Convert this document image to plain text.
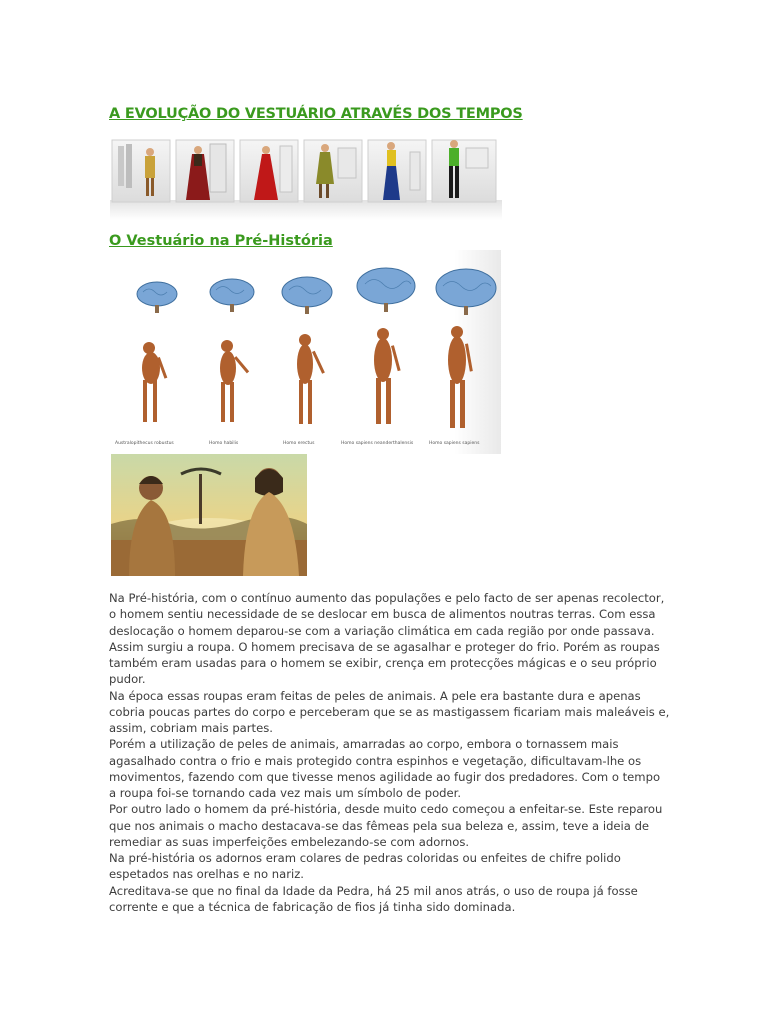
A EVOLUÇÃO DO VESTUÁRIO ATRAVÉS DOS TEMPOS
O Vestuário na Pré-História
Australopithecus robustus	Homo habilis	Homo erectus	Homo sapiens neanderthalensis	Homo sapiens sapiens

Na Pré-história, com o contínuo aumento das populações e pelo facto de ser apenas recolector,

o homem sentiu necessidade de se deslocar em busca de alimentos noutras terras. Com essa

deslocação o homem deparou-se com a variação climática em cada região por onde passava.

Assim surgiu a roupa. O homem precisava de se agasalhar e proteger do frio. Porém as roupas

também eram usadas para o homem se exibir, crença em protecções mágicas e o seu próprio

pudor.

Na época essas roupas eram feitas de peles de animais. A pele era bastante dura e apenas

cobria poucas partes do corpo e perceberam que se as mastigassem ficariam mais maleáveis e,

assim, cobriam mais partes.

Porém a utilização de peles de animais, amarradas ao corpo, embora o tornassem mais

agasalhado contra o frio e mais protegido contra espinhos e vegetação, dificultavam-lhe os

movimentos, fazendo com que tivesse menos agilidade ao fugir dos predadores. Com o tempo

a roupa foi-se tornando cada vez mais um símbolo de poder.

Por outro lado o homem da pré-história, desde muito cedo começou a enfeitar-se. Este reparou

que nos animais o macho destacava-se das fêmeas pela sua beleza e, assim, teve a ideia de

remediar as suas imperfeições embelezando-se com adornos.

Na pré-história os adornos eram colares de pedras coloridas ou enfeites de chifre polido

espetados nas orelhas e no nariz.

Acreditava-se que no final da Idade da Pedra, há 25 mil anos atrás, o uso de roupa já fosse

corrente e que a técnica de fabricação de fios já tinha sido dominada.
